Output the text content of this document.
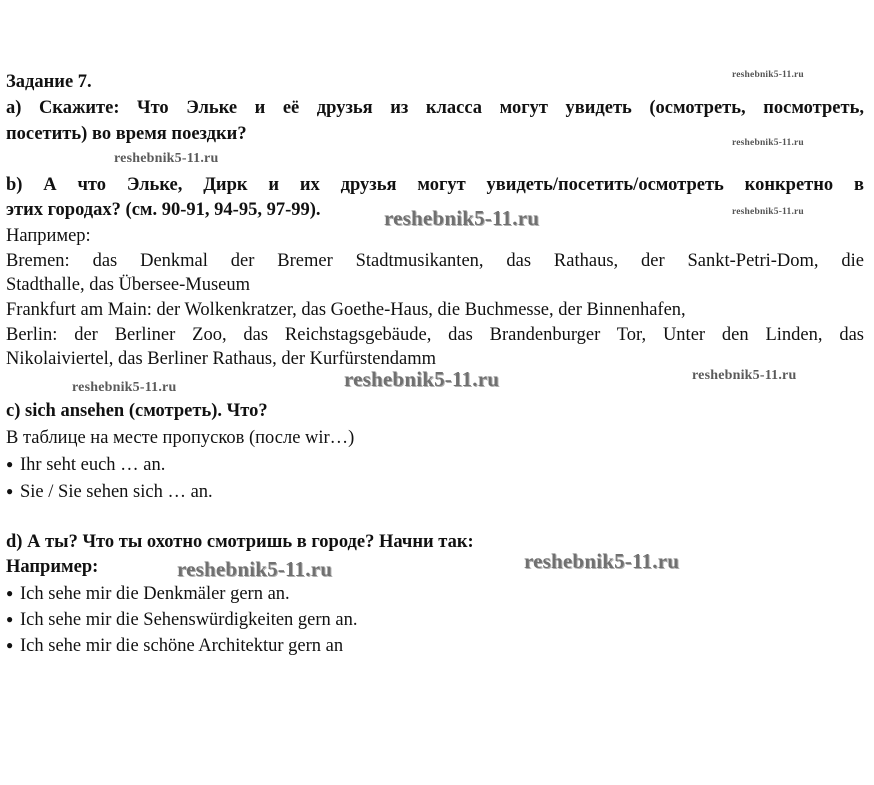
Задание 7.
a) Скажите: Что Эльке и её друзья из класса могут увидеть (осмотреть, посмотреть,
посетить) во время поездки?
b) А что Эльке, Дирк и их друзья могут увидеть/посетить/осмотреть конкретно в
этих городах? (см. 90-91, 94-95, 97-99).
Например:
Bremen: das Denkmal der Bremer Stadtmusikanten, das Rathaus, der Sankt-Petri-Dom, die
Stadthalle, das Übersee-Museum
Frankfurt am Main: der Wolkenkratzer, das Goethe-Haus, die Buchmesse, der Binnenhafen,
Berlin: der Berliner Zoo, das Reichstagsgebäude, das Brandenburger Tor, Unter den Linden, das
Nikolaiviertel, das Berliner Rathaus, der Kurfürstendamm
c) sich ansehen (смотреть). Что?
В таблице на месте пропусков (после wir…)
● Ihr seht euch … an.
● Sie / Sie sehen sich … an.
d) А ты? Что ты охотно смотришь в городе? Начни так:
Например:
● Ich sehe mir die Denkmäler gern an.
● Ich sehe mir die Sehenswürdigkeiten gern an.
● Ich sehe mir die schöne Architektur gern an
reshebnik5-11.ru
reshebnik5-11.ru
reshebnik5-11.ru
reshebnik5-11.ru
reshebnik5-11.ru
reshebnik5-11.ru	reshebnik5-11.ru	reshebnik5-11.ru
reshebnik5-11.ru	reshebnik5-11.ru
